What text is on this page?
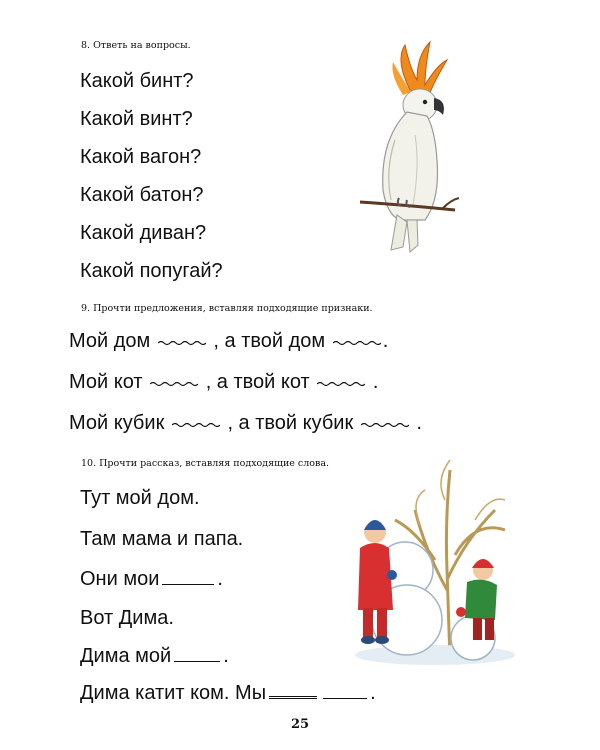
8. Ответь на вопросы.
Какой бинт?
Какой винт?
Какой вагон?
Какой батон?
Какой диван?
Какой попугай?
9. Прочти предложения, вставляя подходящие признаки.
Мой дом	, а твой дом	.
Мой кот	, а твой кот	.
Мой кубик	, а твой кубик	.
10. Прочти рассказ, вставляя подходящие слова.
Тут мой дом.
Там мама и папа.
Они мои	.
Вот Дима.
Дима мой	.
Дима катит ком. Мы	.
25
